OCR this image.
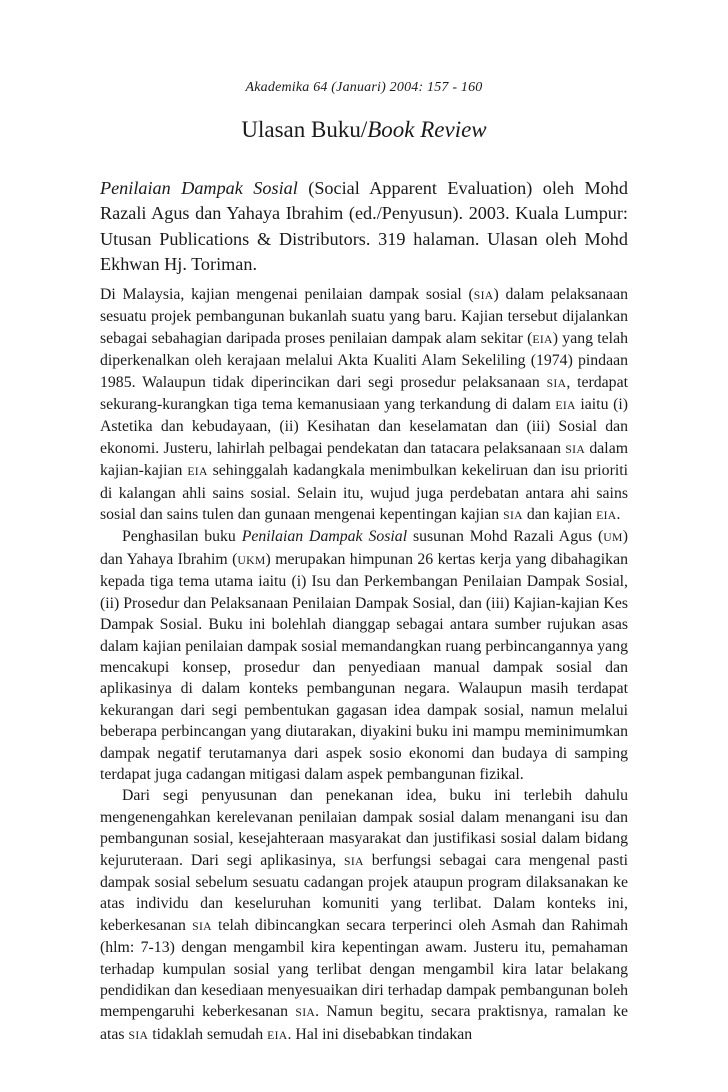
Akademika 64 (Januari) 2004: 157 - 160
Ulasan Buku/Book Review
Penilaian Dampak Sosial (Social Apparent Evaluation) oleh Mohd Razali Agus dan Yahaya Ibrahim (ed./Penyusun). 2003. Kuala Lumpur: Utusan Publications & Distributors. 319 halaman. Ulasan oleh Mohd Ekhwan Hj. Toriman.

Di Malaysia, kajian mengenai penilaian dampak sosial (SIA) dalam pelaksanaan sesuatu projek pembangunan bukanlah suatu yang baru. Kajian tersebut dijalankan sebagai sebahagian daripada proses penilaian dampak alam sekitar (EIA) yang telah diperkenalkan oleh kerajaan melalui Akta Kualiti Alam Sekeliling (1974) pindaan 1985. Walaupun tidak diperincikan dari segi prosedur pelaksanaan SIA, terdapat sekurang-kurangkan tiga tema kemanusiaan yang terkandung di dalam EIA iaitu (i) Astetika dan kebudayaan, (ii) Kesihatan dan keselamatan dan (iii) Sosial dan ekonomi. Justeru, lahirlah pelbagai pendekatan dan tatacara pelaksanaan SIA dalam kajian-kajian EIA sehinggalah kadangkala menimbulkan kekeliruan dan isu prioriti di kalangan ahli sains sosial. Selain itu, wujud juga perdebatan antara ahi sains sosial dan sains tulen dan gunaan mengenai kepentingan kajian SIA dan kajian EIA.

Penghasilan buku Penilaian Dampak Sosial susunan Mohd Razali Agus (UM) dan Yahaya Ibrahim (UKM) merupakan himpunan 26 kertas kerja yang dibahagikan kepada tiga tema utama iaitu (i) Isu dan Perkembangan Penilaian Dampak Sosial, (ii) Prosedur dan Pelaksanaan Penilaian Dampak Sosial, dan (iii) Kajian-kajian Kes Dampak Sosial. Buku ini bolehlah dianggap sebagai antara sumber rujukan asas dalam kajian penilaian dampak sosial memandangkan ruang perbincangannya yang mencakupi konsep, prosedur dan penyediaan manual dampak sosial dan aplikasinya di dalam konteks pembangunan negara. Walaupun masih terdapat kekurangan dari segi pembentukan gagasan idea dampak sosial, namun melalui beberapa perbincangan yang diutarakan, diyakini buku ini mampu meminimumkan dampak negatif terutamanya dari aspek sosio ekonomi dan budaya di samping terdapat juga cadangan mitigasi dalam aspek pembangunan fizikal.

Dari segi penyusunan dan penekanan idea, buku ini terlebih dahulu mengenengahkan kerelevanan penilaian dampak sosial dalam menangani isu dan pembangunan sosial, kesejahteraan masyarakat dan justifikasi sosial dalam bidang kejuruteraan. Dari segi aplikasinya, SIA berfungsi sebagai cara mengenal pasti dampak sosial sebelum sesuatu cadangan projek ataupun program dilaksanakan ke atas individu dan keseluruhan komuniti yang terlibat. Dalam konteks ini, keberkesanan SIA telah dibincangkan secara terperinci oleh Asmah dan Rahimah (hlm: 7-13) dengan mengambil kira kepentingan awam. Justeru itu, pemahaman terhadap kumpulan sosial yang terlibat dengan mengambil kira latar belakang pendidikan dan kesediaan menyesuaikan diri terhadap dampak pembangunan boleh mempengaruhi keberkesanan SIA. Namun begitu, secara praktisnya, ramalan ke atas SIA tidaklah semudah EIA. Hal ini disebabkan tindakan
